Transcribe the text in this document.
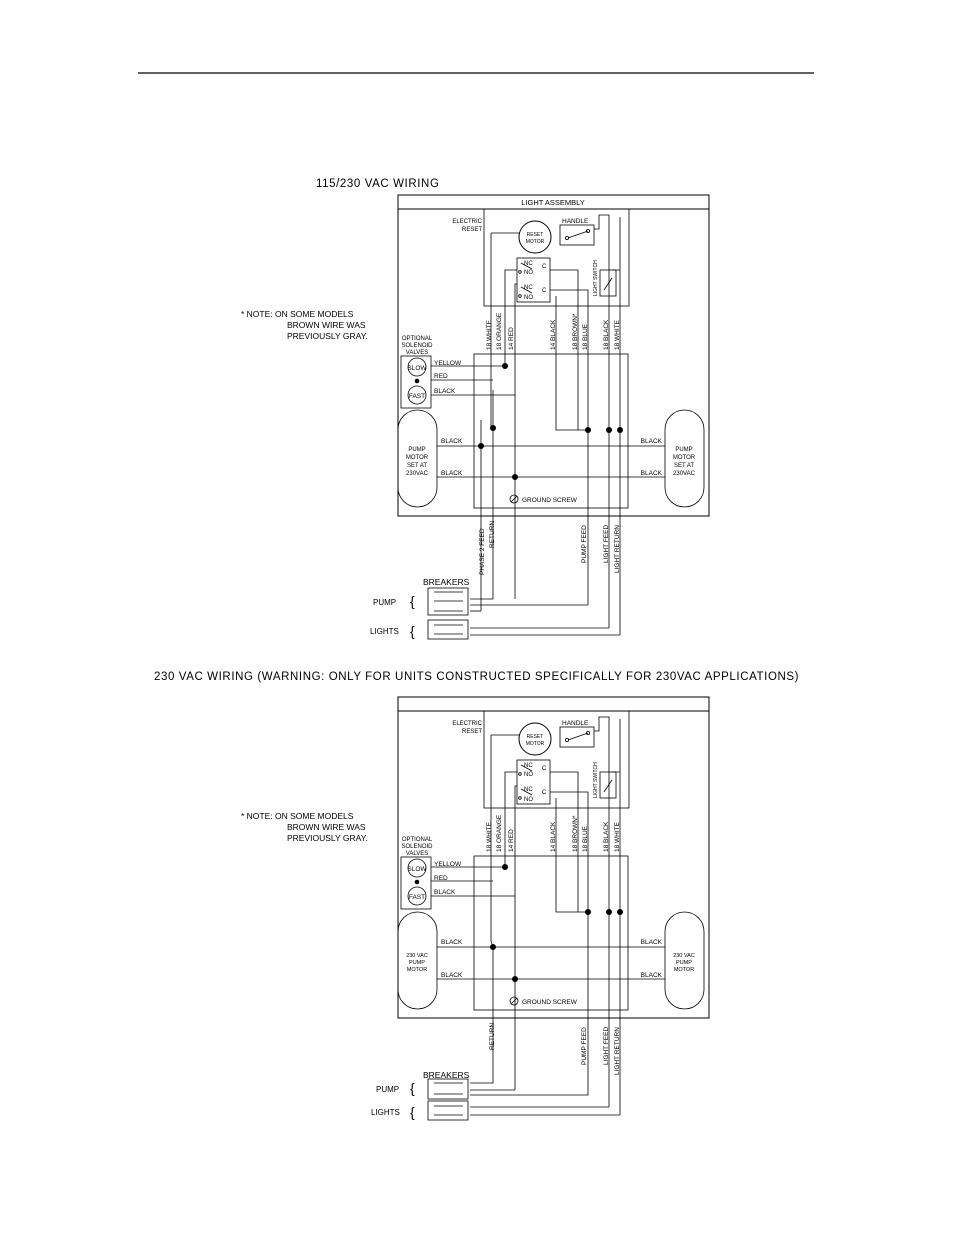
115/230 VAC WIRING
LIGHT ASSEMBLY
ELECTRIC
RESET
RESET
MOTOR
HANDLE
NC
NO
C
NC
NO
C	LIGHT SWITCH
* NOTE: ON SOME MODELS
BROWN WIRE WAS
PREVIOUSLY GRAY.	18 WHITE 18 ORANGE 14 RED	14 BLACK 18 BROWN* 18 BLUE 18 BLACK 18 WHITE
OPTIONAL
SOLENOID
VALVES
SLOW
FAST
YELLOW
RED
BLACK
PUMP
MOTOR
SET AT
230VAC
PUMP
MOTOR
SET AT
230VAC
BLACK
BLACK
BLACK
BLACK
GROUND SCREW
PHASE 2 FEED RETURN	PUMP FEED LIGHT FEED LIGHT RETURN
BREAKERS
PUMP
LIGHTS
{
{
230 VAC WIRING (WARNING: ONLY FOR UNITS CONSTRUCTED SPECIFICALLY FOR 230VAC APPLICATIONS)
ELECTRIC
RESET
RESET
MOTOR
HANDLE
NC
NO
C
NC
NO
C	LIGHT SWITCH
* NOTE: ON SOME MODELS
BROWN WIRE WAS
PREVIOUSLY GRAY.	18 WHITE 18 ORANGE 14 RED	14 BLACK 18 BROWN* 18 BLUE 18 BLACK 18 WHITE
OPTIONAL
SOLENOID
VALVES
SLOW
FAST
YELLOW
RED
BLACK
230 VAC
PUMP
MOTOR
230 VAC
PUMP
MOTOR
BLACK
BLACK
BLACK
BLACK
GROUND SCREW
RETURN	PUMP FEED LIGHT FEED LIGHT RETURN
BREAKERS
PUMP
LIGHTS
{
{
